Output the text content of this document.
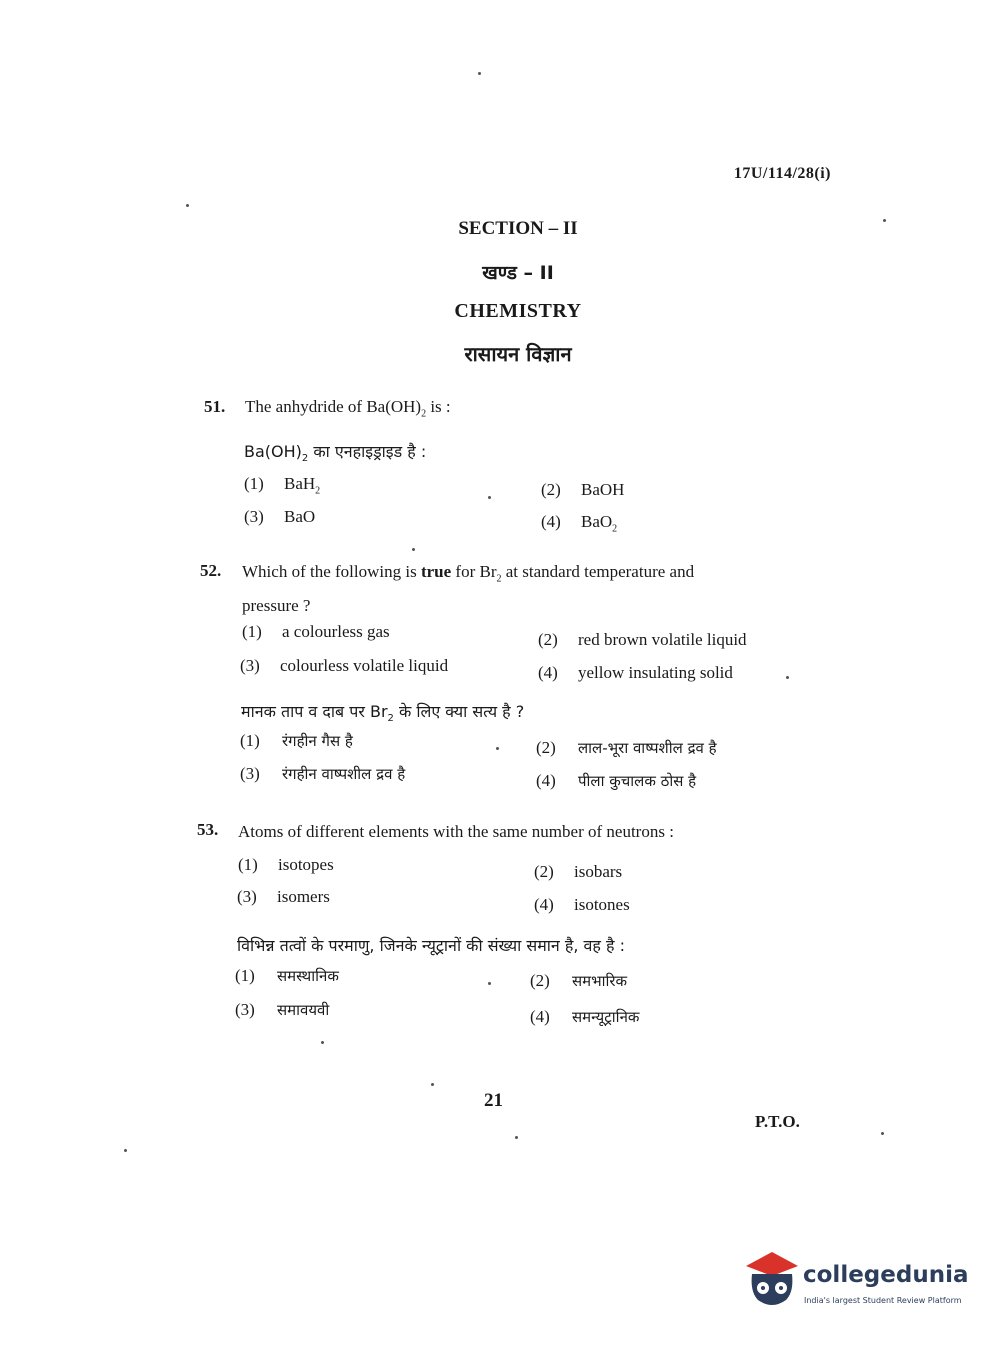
17U/114/28(i)
SECTION – II
खण्ड – II
CHEMISTRY
रासायन विज्ञान
51. The anhydride of $Ba(OH)_2$ is :
$Ba(OH)_2$ का एनहाइड्राइड है :
(1) BaH$_2$	(2) BaOH
(3) BaO	(4) BaO$_2$
52. Which of the following is true for $Br_2$ at standard temperature and
pressure ?
(1) a colourless gas	(2) red brown volatile liquid
(3) colourless volatile liquid	(4) yellow insulating solid
मानक ताप व दाब पर $Br_2$ के लिए क्या सत्य है ?
(1) रंगहीन गैस है	(2) लाल-भूरा वाष्पशील द्रव है
(3) रंगहीन वाष्पशील द्रव है	(4) पीला कुचालक ठोस है
53. Atoms of different elements with the same number of neutrons :
(1) isotopes	(2) isobars
(3) isomers	(4) isotones
विभिन्न तत्वों के परमाणु, जिनके न्यूट्रानों की संख्या समान है, वह है :
(1) समस्थानिक	(2) समभारिक
(3) समावयवी	(4) समन्यूट्रानिक
21
P.T.O.
collegedunia
India's largest Student Review Platform
